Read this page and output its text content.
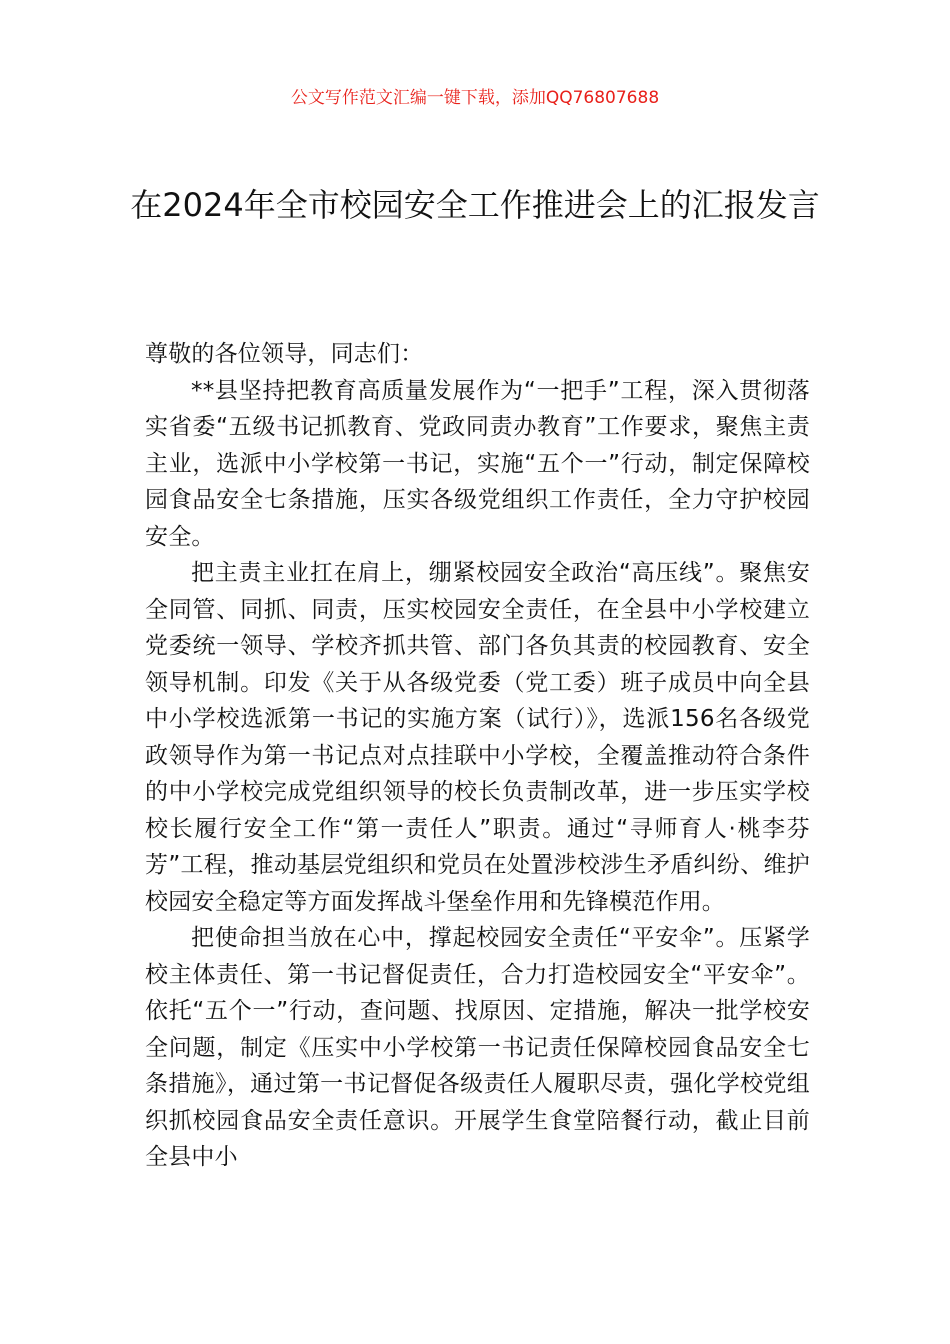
公文写作范文汇编一键下载，添加QQ76807688
在2024年全市校园安全工作推进会上的汇报发言

尊敬的各位领导，同志们：

**县坚持把教育高质量发展作为“一把手”工程，深入贯彻落实省委“五级书记抓教育、党政同责办教育”工作要求，聚焦主责主业，选派中小学校第一书记，实施“五个一”行动，制定保障校园食品安全七条措施，压实各级党组织工作责任，全力守护校园安全。

把主责主业扛在肩上，绷紧校园安全政治“高压线”。聚焦安全同管、同抓、同责，压实校园安全责任，在全县中小学校建立党委统一领导、学校齐抓共管、部门各负其责的校园教育、安全领导机制。印发《关于从各级党委（党工委）班子成员中向全县中小学校选派第一书记的实施方案（试行）》，选派156名各级党政领导作为第一书记点对点挂联中小学校，全覆盖推动符合条件的中小学校完成党组织领导的校长负责制改革，进一步压实学校校长履行安全工作“第一责任人”职责。通过“寻师育人·桃李芬芳”工程，推动基层党组织和党员在处置涉校涉生矛盾纠纷、维护校园安全稳定等方面发挥战斗堡垒作用和先锋模范作用。

把使命担当放在心中，撑起校园安全责任“平安伞”。压紧学校主体责任、第一书记督促责任，合力打造校园安全“平安伞”。依托“五个一”行动，查问题、找原因、定措施，解决一批学校安全问题，制定《压实中小学校第一书记责任保障校园食品安全七条措施》，通过第一书记督促各级责任人履职尽责，强化学校党组织抓校园食品安全责任意识。开展学生食堂陪餐行动，截止目前全县中小
